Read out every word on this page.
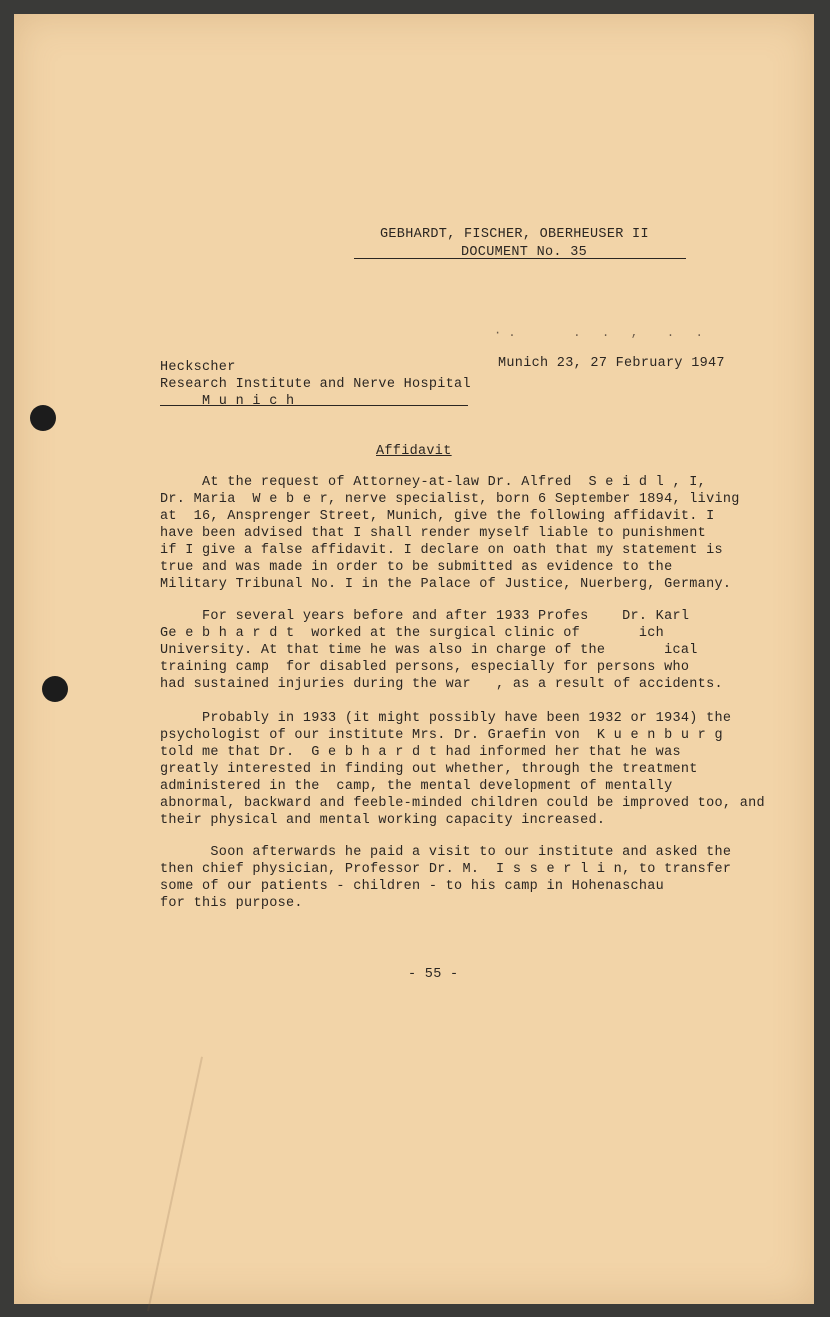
GEBHARDT, FISCHER, OBERHEUSER II
DOCUMENT No. 35
· .        .   .   ,    .   .
Heckscher
Research Institute and Nerve Hospital
M u n i c h
Munich 23, 27 February 1947
Affidavit
At the request of Attorney-at-law Dr. Alfred  S e i d l , I,
Dr. Maria  W e b e r, nerve specialist, born 6 September 1894, living
at  16, Ansprenger Street, Munich, give the following affidavit. I
have been advised that I shall render myself liable to punishment
if I give a false affidavit. I declare on oath that my statement is
true and was made in order to be submitted as evidence to the
Military Tribunal No. I in the Palace of Justice, Nuerberg, Germany.
For several years before and after 1933 Profes    Dr. Karl
Ge e b h a r d t  worked at the surgical clinic of       ich
University. At that time he was also in charge of the       ical
training camp  for disabled persons, especially for persons who
had sustained injuries during the war   , as a result of accidents.
Probably in 1933 (it might possibly have been 1932 or 1934) the
psychologist of our institute Mrs. Dr. Graefin von  K u e n b u r g
told me that Dr.  G e b h a r d t had informed her that he was
greatly interested in finding out whether, through the treatment
administered in the  camp, the mental development of mentally
abnormal, backward and feeble-minded children could be improved too, and
their physical and mental working capacity increased.
Soon afterwards he paid a visit to our institute and asked the
then chief physician, Professor Dr. M.  I s s e r l i n, to transfer
some of our patients - children - to his camp in Hohenaschau
for this purpose.
- 55 -
